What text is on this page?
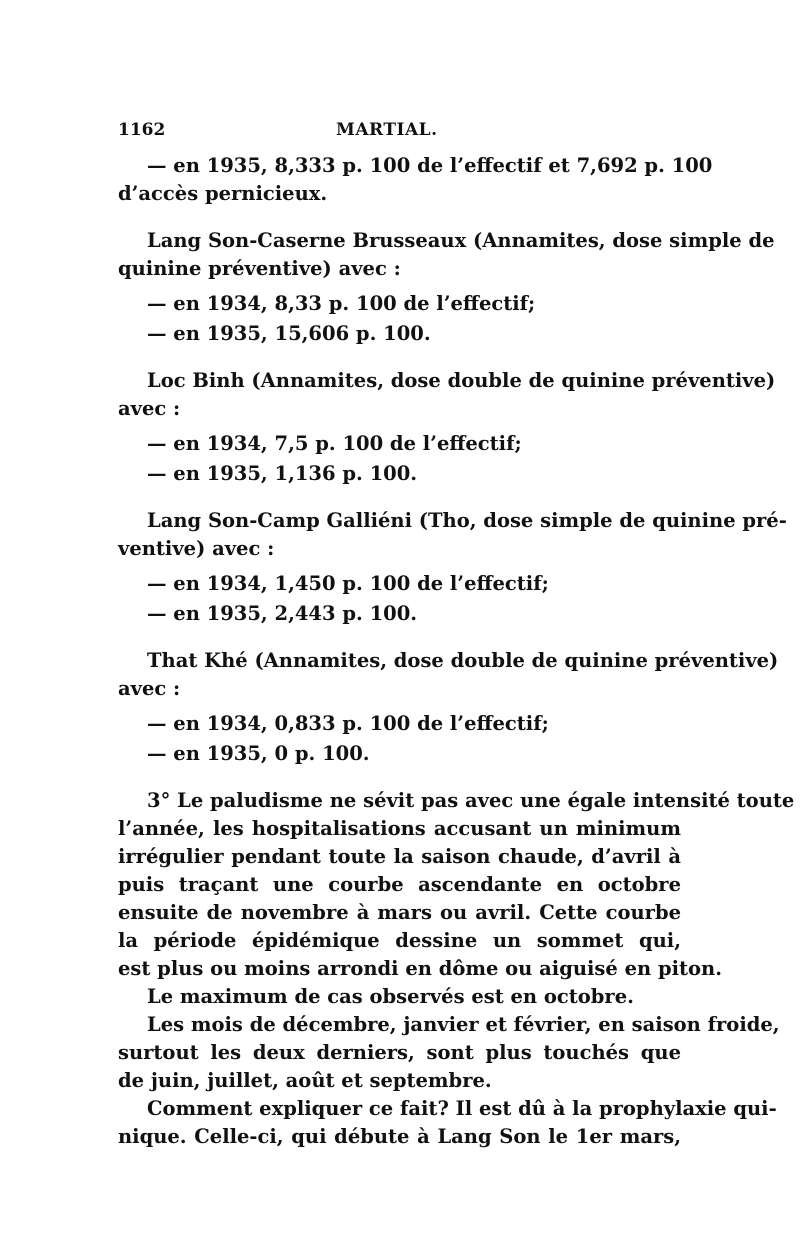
1162	MARTIAL.
— en 1935, 8,333 p. 100 de l’effectif et 7,692 p. 100
d’accès pernicieux.
Lang Son-Caserne Brusseaux (Annamites, dose simple de
quinine préventive) avec :
— en 1934, 8,33 p. 100 de l’effectif;
— en 1935, 15,606 p. 100.
Loc Binh (Annamites, dose double de quinine préventive)
avec :
— en 1934, 7,5 p. 100 de l’effectif;
— en 1935, 1,136 p. 100.
Lang Son-Camp Galliéni (Tho, dose simple de quinine pré-
ventive) avec :
— en 1934, 1,450 p. 100 de l’effectif;
— en 1935, 2,443 p. 100.
That Khé (Annamites, dose double de quinine préventive)
avec :
— en 1934, 0,833 p. 100 de l’effectif;
— en 1935, 0 p. 100.
3° Le paludisme ne sévit pas avec une égale intensité toute
l’année, les hospitalisations accusant un minimum
irrégulier pendant toute la saison chaude, d’avril à
puis traçant une courbe ascendante en octobre
ensuite de novembre à mars ou avril. Cette courbe
la période épidémique dessine un sommet qui,
est plus ou moins arrondi en dôme ou aiguisé en piton.
Le maximum de cas observés est en octobre.
Les mois de décembre, janvier et février, en saison froide,
surtout les deux derniers, sont plus touchés que
de juin, juillet, août et septembre.
Comment expliquer ce fait? Il est dû à la prophylaxie qui-
nique. Celle-ci, qui débute à Lang Son le 1er mars,
